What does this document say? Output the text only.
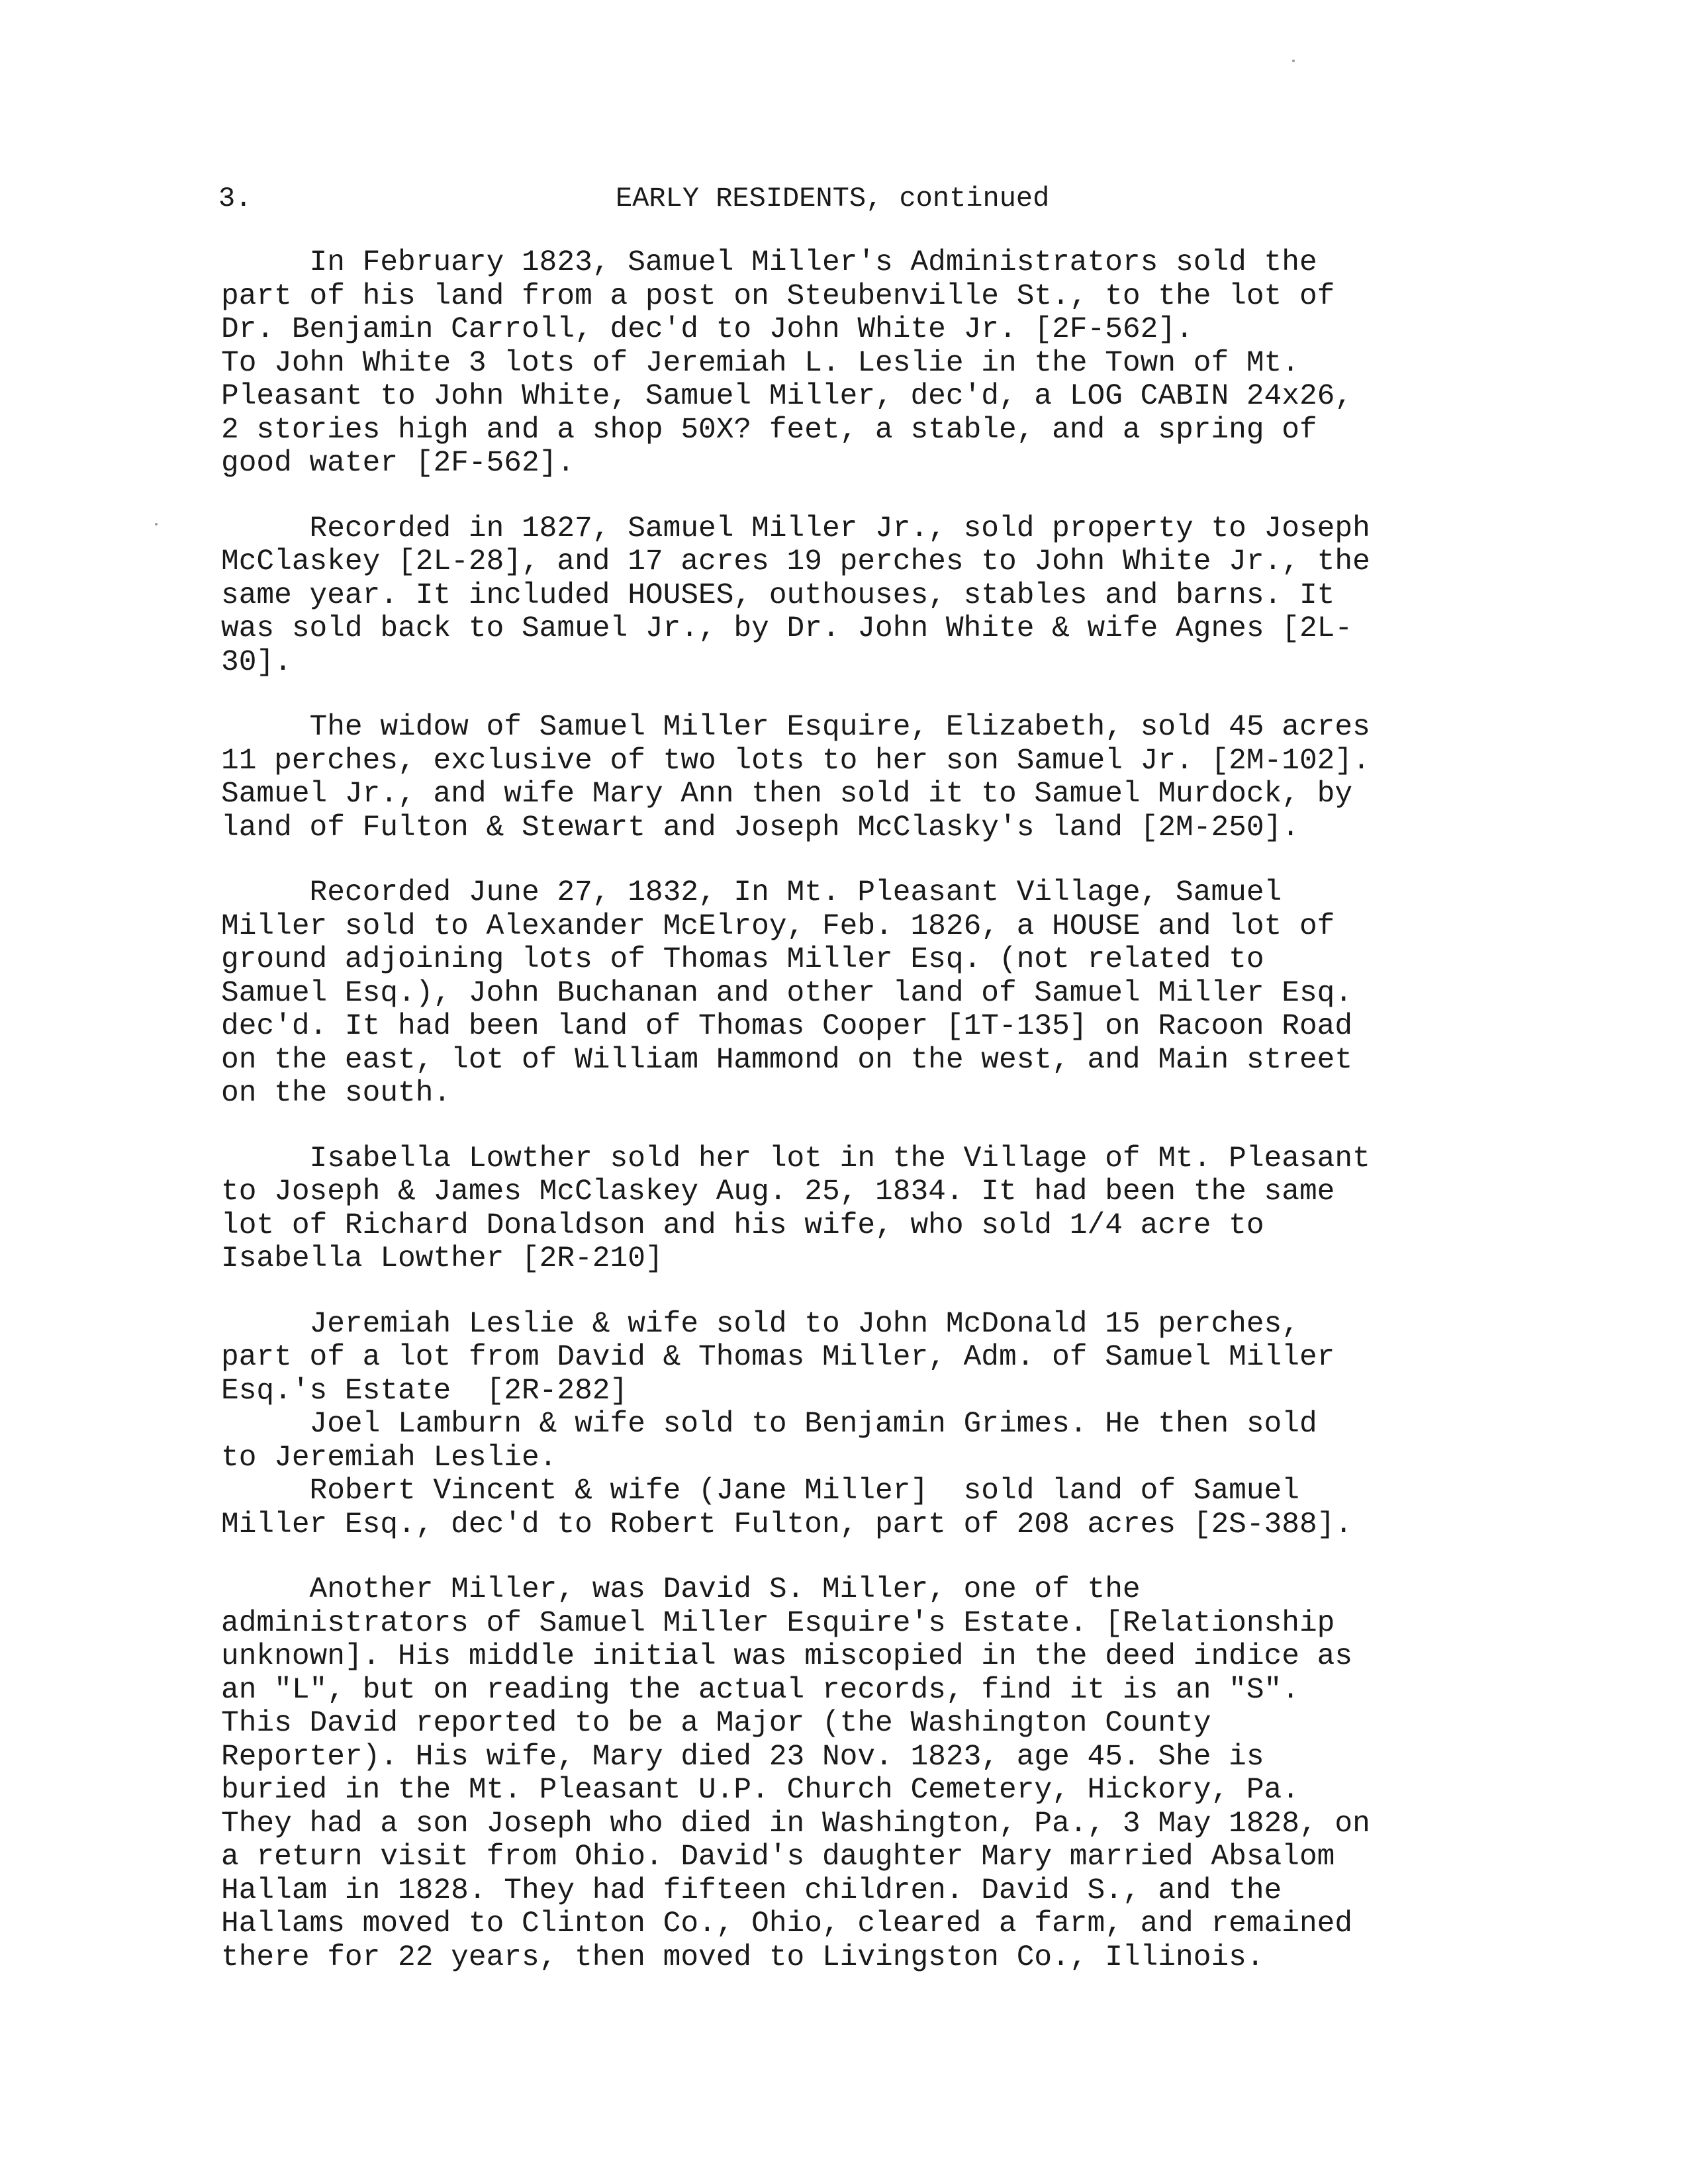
3.	EARLY RESIDENTS, continued
In February 1823, Samuel Miller's Administrators sold the
part of his land from a post on Steubenville St., to the lot of
Dr. Benjamin Carroll, dec'd to John White Jr. [2F-562].
To John White 3 lots of Jeremiah L. Leslie in the Town of Mt.
Pleasant to John White, Samuel Miller, dec'd, a LOG CABIN 24x26,
2 stories high and a shop 50X? feet, a stable, and a spring of
good water [2F-562].
Recorded in 1827, Samuel Miller Jr., sold property to Joseph
McClaskey [2L-28], and 17 acres 19 perches to John White Jr., the
same year. It included HOUSES, outhouses, stables and barns. It
was sold back to Samuel Jr., by Dr. John White & wife Agnes [2L-
30].
The widow of Samuel Miller Esquire, Elizabeth, sold 45 acres
11 perches, exclusive of two lots to her son Samuel Jr. [2M-102].
Samuel Jr., and wife Mary Ann then sold it to Samuel Murdock, by
land of Fulton & Stewart and Joseph McClasky's land [2M-250].
Recorded June 27, 1832, In Mt. Pleasant Village, Samuel
Miller sold to Alexander McElroy, Feb. 1826, a HOUSE and lot of
ground adjoining lots of Thomas Miller Esq. (not related to
Samuel Esq.), John Buchanan and other land of Samuel Miller Esq.
dec'd. It had been land of Thomas Cooper [1T-135] on Racoon Road
on the east, lot of William Hammond on the west, and Main street
on the south.
Isabella Lowther sold her lot in the Village of Mt. Pleasant
to Joseph & James McClaskey Aug. 25, 1834. It had been the same
lot of Richard Donaldson and his wife, who sold 1/4 acre to
Isabella Lowther [2R-210]
Jeremiah Leslie & wife sold to John McDonald 15 perches,
part of a lot from David & Thomas Miller, Adm. of Samuel Miller
Esq.'s Estate  [2R-282]
Joel Lamburn & wife sold to Benjamin Grimes. He then sold
to Jeremiah Leslie.
Robert Vincent & wife (Jane Miller]  sold land of Samuel
Miller Esq., dec'd to Robert Fulton, part of 208 acres [2S-388].
Another Miller, was David S. Miller, one of the
administrators of Samuel Miller Esquire's Estate. [Relationship
unknown]. His middle initial was miscopied in the deed indice as
an "L", but on reading the actual records, find it is an "S".
This David reported to be a Major (the Washington County
Reporter). His wife, Mary died 23 Nov. 1823, age 45. She is
buried in the Mt. Pleasant U.P. Church Cemetery, Hickory, Pa.
They had a son Joseph who died in Washington, Pa., 3 May 1828, on
a return visit from Ohio. David's daughter Mary married Absalom
Hallam in 1828. They had fifteen children. David S., and the
Hallams moved to Clinton Co., Ohio, cleared a farm, and remained
there for 22 years, then moved to Livingston Co., Illinois.
